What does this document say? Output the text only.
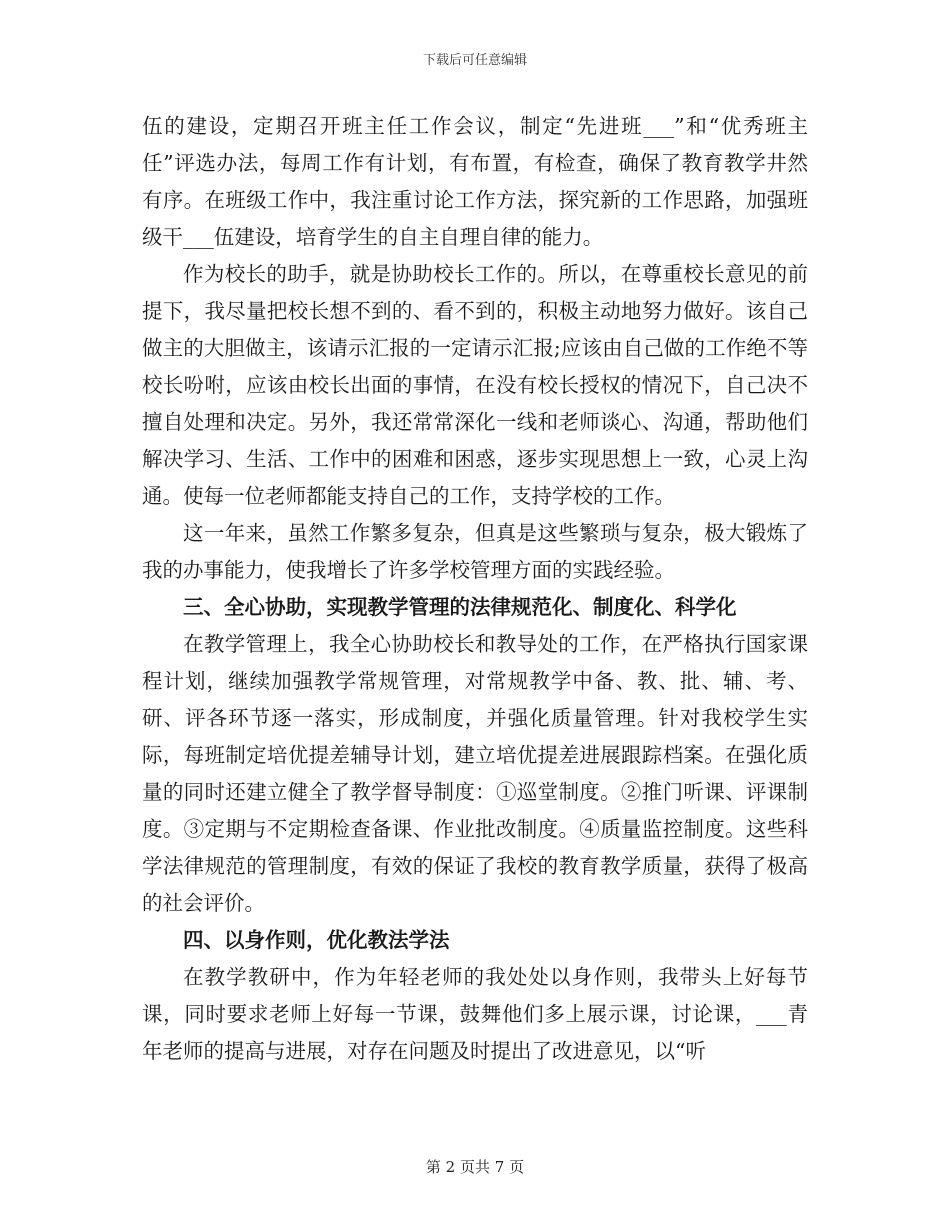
下载后可任意编辑

伍的建设，定期召开班主任工作会议，制定“先进班___”和“优秀班主任”评选办法，每周工作有计划，有布置，有检查，确保了教育教学井然有序。在班级工作中，我注重讨论工作方法，探究新的工作思路，加强班级干___伍建设，培育学生的自主自理自律的能力。

作为校长的助手，就是协助校长工作的。所以，在尊重校长意见的前提下，我尽量把校长想不到的、看不到的，积极主动地努力做好。该自己做主的大胆做主，该请示汇报的一定请示汇报;应该由自己做的工作绝不等校长吩咐，应该由校长出面的事情，在没有校长授权的情况下，自己决不擅自处理和决定。另外，我还常常深化一线和老师谈心、沟通，帮助他们解决学习、生活、工作中的困难和困惑，逐步实现思想上一致，心灵上沟通。使每一位老师都能支持自己的工作，支持学校的工作。

这一年来，虽然工作繁多复杂，但真是这些繁琐与复杂，极大锻炼了我的办事能力，使我增长了许多学校管理方面的实践经验。

三、全心协助，实现教学管理的法律规范化、制度化、科学化

在教学管理上，我全心协助校长和教导处的工作，在严格执行国家课程计划，继续加强教学常规管理，对常规教学中备、教、批、辅、考、研、评各环节逐一落实，形成制度，并强化质量管理。针对我校学生实际，每班制定培优提差辅导计划，建立培优提差进展跟踪档案。在强化质量的同时还建立健全了教学督导制度：①巡堂制度。②推门听课、评课制度。③定期与不定期检查备课、作业批改制度。④质量监控制度。这些科学法律规范的管理制度，有效的保证了我校的教育教学质量，获得了极高的社会评价。

四、以身作则，优化教法学法

在教学教研中，作为年轻老师的我处处以身作则，我带头上好每节课，同时要求老师上好每一节课，鼓舞他们多上展示课，讨论课，___青年老师的提高与进展，对存在问题及时提出了改进意见，以“听

第 2 页共 7 页
